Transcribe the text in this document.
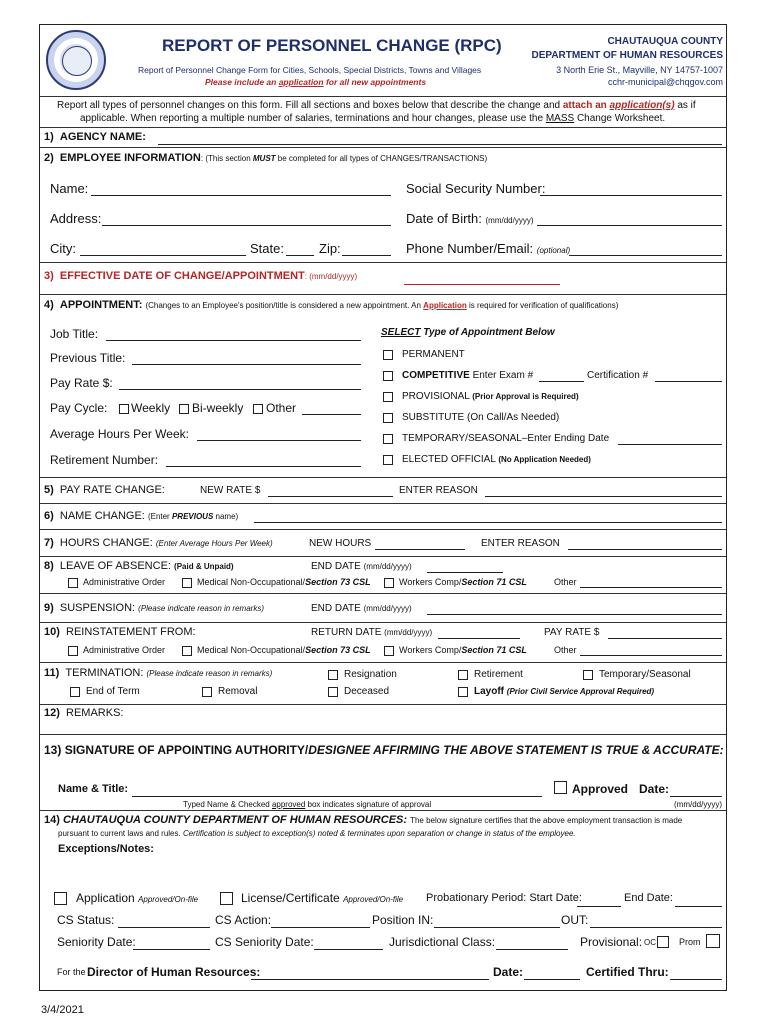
REPORT OF PERSONNEL CHANGE (RPC)
Report of Personnel Change Form for Cities, Schools, Special Districts, Towns and Villages
Please include an application for all new appointments
CHAUTAUQUA COUNTY
DEPARTMENT OF HUMAN RESOURCES
3 North Erie St., Mayville, NY 14757-1007
cchr-municipal@chqgov.com
Report all types of personnel changes on this form. Fill all sections and boxes below that describe the change and attach an application(s) as if
applicable. When reporting a multiple number of salaries, terminations and hour changes, please use the MASS Change Worksheet.
1) AGENCY NAME:
2) EMPLOYEE INFORMATION: (This section MUST be completed for all types of CHANGES/TRANSACTIONS)
Name:	Social Security Number:
Address:	Date of Birth: (mm/dd/yyyy)
City:	State:	Zip:	Phone Number/Email: (optional)
3) EFFECTIVE DATE OF CHANGE/APPOINTMENT: (mm/dd/yyyy)
4) APPOINTMENT: (Changes to an Employee's position/title is considered a new appointment. An Application is required for verification of qualifications)
Job Title:
Previous Title:
Pay Rate $:
Pay Cycle: Weekly Bi-weekly Other
Average Hours Per Week:
Retirement Number:
SELECT Type of Appointment Below
PERMANENT
COMPETITIVE Enter Exam #	Certification #
PROVISIONAL (Prior Approval is Required)
SUBSTITUTE (On Call/As Needed)
TEMPORARY/SEASONAL–Enter Ending Date
ELECTED OFFICIAL (No Application Needed)
5) PAY RATE CHANGE:	NEW RATE $	ENTER REASON
6) NAME CHANGE: (Enter PREVIOUS name)
7) HOURS CHANGE: (Enter Average Hours Per Week)	NEW HOURS	ENTER REASON
8) LEAVE OF ABSENCE: (Paid & Unpaid)	END DATE (mm/dd/yyyy)
Administrative Order	Medical Non-Occupational/Section 73 CSL	Workers Comp/Section 71 CSL	Other
9) SUSPENSION: (Please indicate reason in remarks)	END DATE (mm/dd/yyyy)
10) REINSTATEMENT FROM:	RETURN DATE (mm/dd/yyyy)	PAY RATE $
Administrative Order	Medical Non-Occupational/Section 73 CSL	Workers Comp/Section 71 CSL	Other
11) TERMINATION: (Please indicate reason in remarks)	Resignation	Retirement	Temporary/Seasonal
End of Term	Removal	Deceased	Layoff (Prior Civil Service Approval Required)
12) REMARKS:
13) SIGNATURE OF APPOINTING AUTHORITY/DESIGNEE AFFIRMING THE ABOVE STATEMENT IS TRUE & ACCURATE:
Name & Title:	Approved Date:
Typed Name & Checked approved box indicates signature of approval	(mm/dd/yyyy)
14) CHAUTAUQUA COUNTY DEPARTMENT OF HUMAN RESOURCES: The below signature certifies that the above employment transaction is made
pursuant to current laws and rules. Certification is subject to exception(s) noted & terminates upon separation or change in status of the employee.
Exceptions/Notes:
Application Approved/On-file	License/Certificate Approved/On-file Probationary Period: Start Date:	End Date:
CS Status:	CS Action:	Position IN:	OUT:
Seniority Date:	CS Seniority Date:	Jurisdictional Class:	Provisional: OC	Prom
For the Director of Human Resources:	Date:	Certified Thru:
3/4/2021
